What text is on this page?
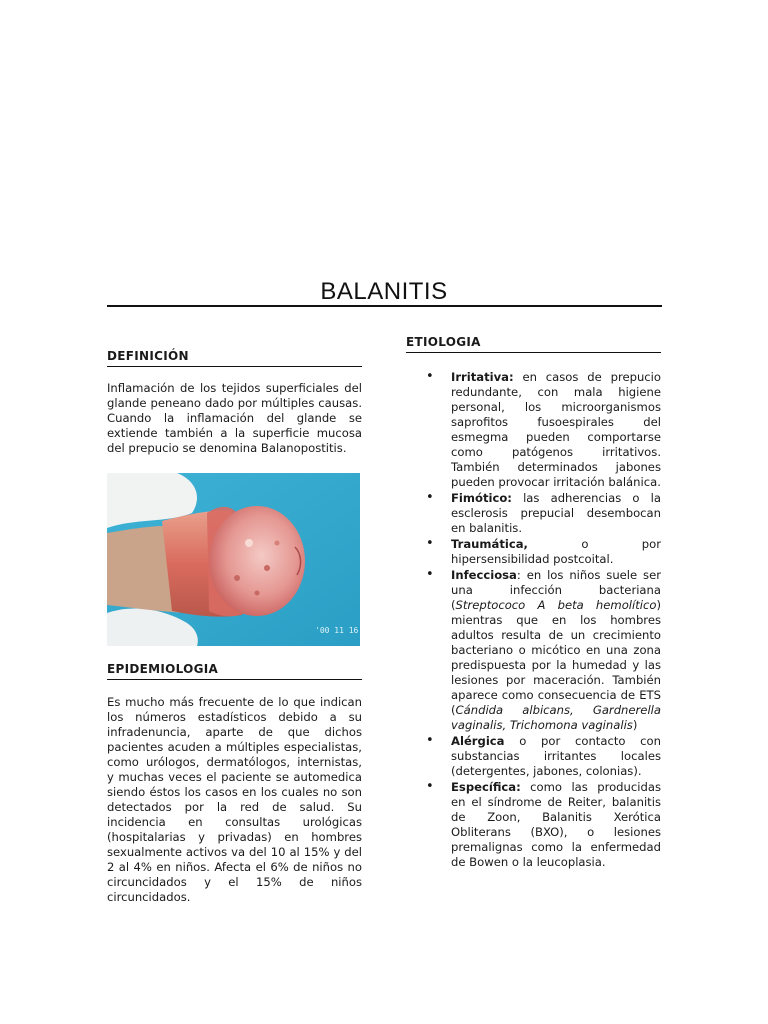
BALANITIS
DEFINICIÓN

Inflamación de los tejidos superficiales del glande peneano dado por múltiples causas. Cuando la inflamación del glande se extiende también a la superficie mucosa del prepucio se denomina Balanopostitis.

'00 11 16
EPIDEMIOLOGIA

Es mucho más frecuente de lo que indican los números estadísticos debido a su infradenuncia, aparte de que dichos pacientes acuden a múltiples especialistas, como urólogos, dermatólogos, internistas, y muchas veces el paciente se automedica siendo éstos los casos en los cuales no son detectados por la red de salud. Su incidencia en consultas urológicas (hospitalarias y privadas) en hombres sexualmente activos va del 10 al 15% y del 2 al 4% en niños. Afecta el 6% de niños no circuncidados y el 15% de niños circuncidados.

ETIOLOGIA
• Irritativa: en casos de prepucio redundante, con mala higiene personal, los microorganismos saprofitos fusoespirales del esmegma pueden comportarse como patógenos irritativos. También determinados jabones pueden provocar irritación balánica.
• Fimótico: las adherencias o la esclerosis prepucial desembocan en balanitis.
• Traumática, o por hipersensibilidad postcoital.
• Infecciosa: en los niños suele ser una infección bacteriana (Streptococo A beta hemolítico) mientras que en los hombres adultos resulta de un crecimiento bacteriano o micótico en una zona predispuesta por la humedad y las lesiones por maceración. También aparece como consecuencia de ETS (Cándida albicans, Gardnerella vaginalis, Trichomona vaginalis)
• Alérgica o por contacto con substancias irritantes locales (detergentes, jabones, colonias).
• Específica: como las producidas en el síndrome de Reiter, balanitis de Zoon, Balanitis Xerótica Obliterans (BXO), o lesiones premalignas como la enfermedad de Bowen o la leucoplasia.
